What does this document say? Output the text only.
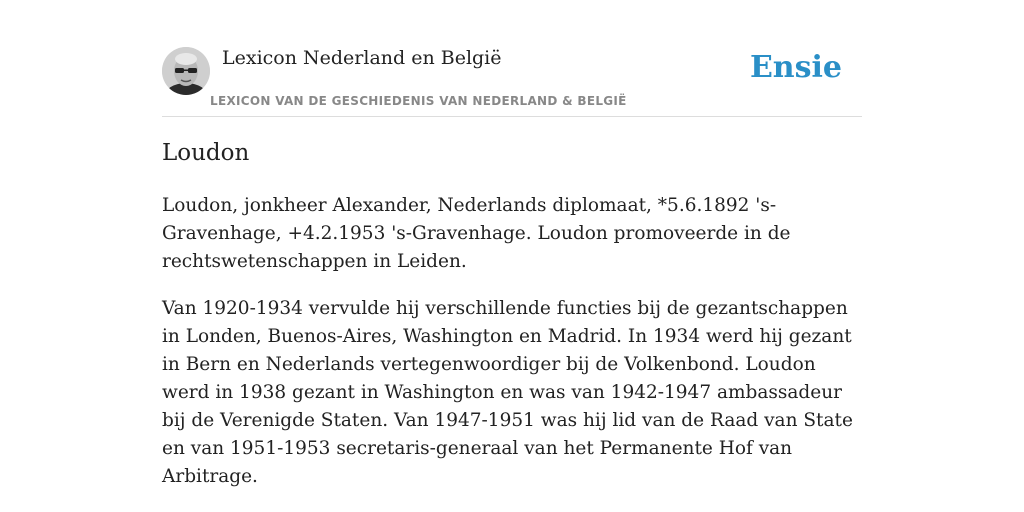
Lexicon Nederland en België
LEXICON VAN DE GESCHIEDENIS VAN NEDERLAND & BELGIË
Ensie
Loudon

Loudon, jonkheer Alexander, Nederlands diplomaat, *5.6.1892 's-Gravenhage, +4.2.1953 's-Gravenhage. Loudon promoveerde in de rechtswetenschappen in Leiden.

Van 1920-1934 vervulde hij verschillende functies bij de gezantschappen in Londen, Buenos-Aires, Washington en Madrid. In 1934 werd hij gezant in Bern en Nederlands vertegenwoordiger bij de Volkenbond. Loudon werd in 1938 gezant in Washington en was van 1942-1947 ambassadeur bij de Verenigde Staten. Van 1947-1951 was hij lid van de Raad van State en van 1951-1953 secretaris-generaal van het Permanente Hof van Arbitrage.
